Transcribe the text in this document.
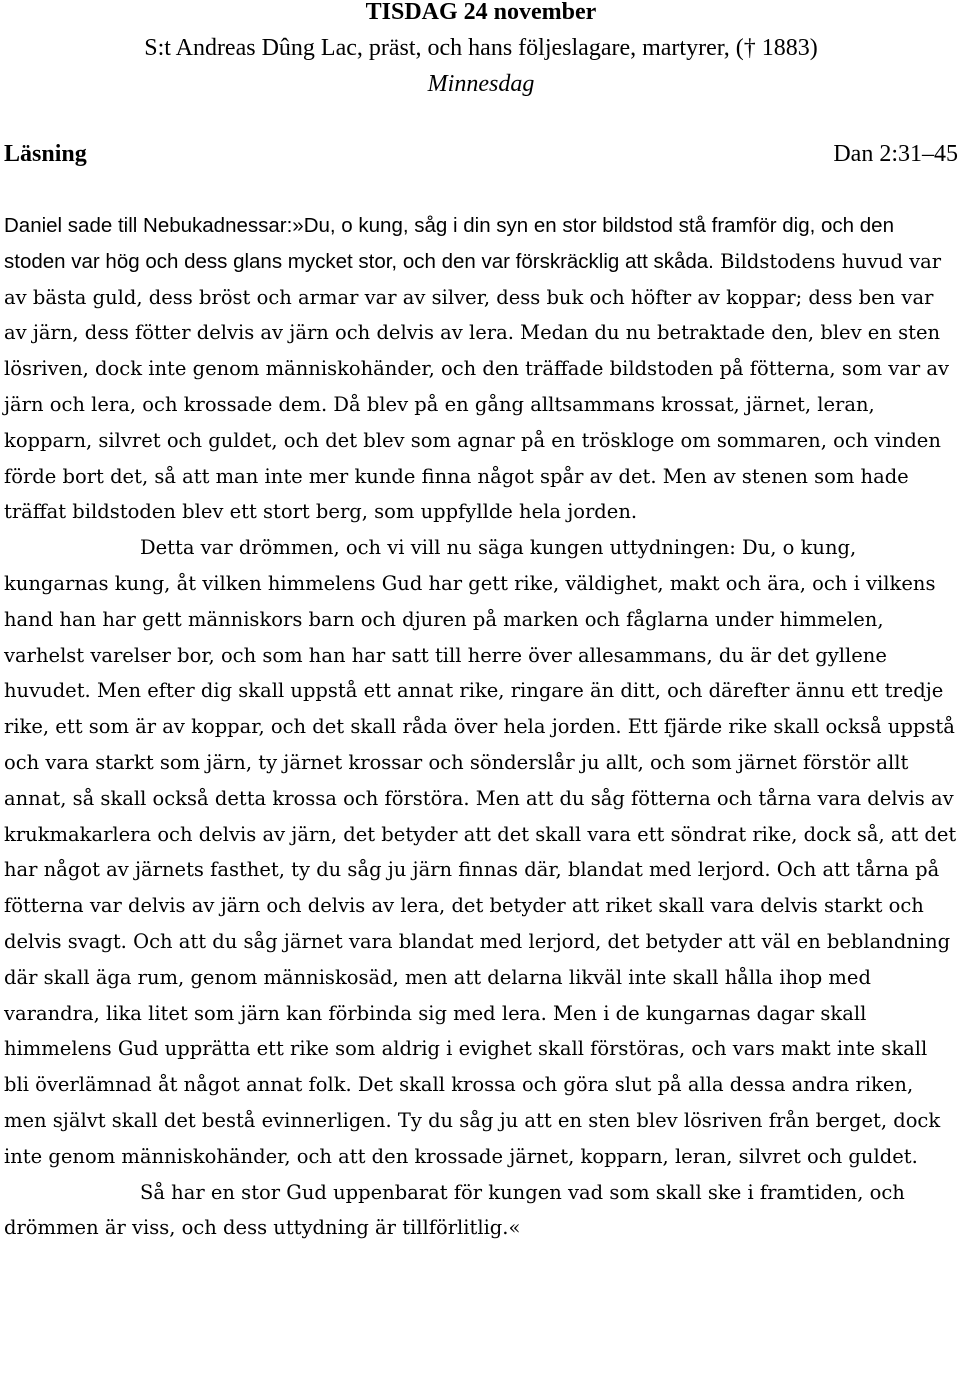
TISDAG 24 november
S:t Andreas Dûng Lac, präst, och hans följeslagare, martyrer, († 1883)
Minnesdag
Läsning	Dan 2:31–45

Daniel sade till Nebukadnessar:»Du, o kung, såg i din syn en stor bildstod stå framför dig, och den stoden var hög och dess glans mycket stor, och den var förskräcklig att skåda. Bildstodens huvud var av bästa guld, dess bröst och armar var av silver, dess buk och höfter av koppar; dess ben var av järn, dess fötter delvis av järn och delvis av lera. Medan du nu betraktade den, blev en sten lösriven, dock inte genom människohänder, och den träffade bildstoden på fötterna, som var av järn och lera, och krossade dem. Då blev på en gång alltsammans krossat, järnet, leran, kopparn, silvret och guldet, och det blev som agnar på en tröskloge om sommaren, och vinden förde bort det, så att man inte mer kunde finna något spår av det. Men av stenen som hade träffat bildstoden blev ett stort berg, som uppfyllde hela jorden.

Detta var drömmen, och vi vill nu säga kungen uttydningen: Du, o kung, kungarnas kung, åt vilken himmelens Gud har gett rike, väldighet, makt och ära, och i vilkens hand han har gett människors barn och djuren på marken och fåglarna under himmelen, varhelst varelser bor, och som han har satt till herre över allesammans, du är det gyllene huvudet. Men efter dig skall uppstå ett annat rike, ringare än ditt, och därefter ännu ett tredje rike, ett som är av koppar, och det skall råda över hela jorden. Ett fjärde rike skall också uppstå och vara starkt som järn, ty järnet krossar och sönderslår ju allt, och som järnet förstör allt annat, så skall också detta krossa och förstöra. Men att du såg fötterna och tårna vara delvis av krukmakarlera och delvis av järn, det betyder att det skall vara ett söndrat rike, dock så, att det har något av järnets fasthet, ty du såg ju järn finnas där, blandat med lerjord. Och att tårna på fötterna var delvis av järn och delvis av lera, det betyder att riket skall vara delvis starkt och delvis svagt. Och att du såg järnet vara blandat med lerjord, det betyder att väl en beblandning där skall äga rum, genom människosäd, men att delarna likväl inte skall hålla ihop med varandra, lika litet som järn kan förbinda sig med lera. Men i de kungarnas dagar skall himmelens Gud upprätta ett rike som aldrig i evighet skall förstöras, och vars makt inte skall bli överlämnad åt något annat folk. Det skall krossa och göra slut på alla dessa andra riken, men självt skall det bestå evinnerligen. Ty du såg ju att en sten blev lösriven från berget, dock inte genom människohänder, och att den krossade järnet, kopparn, leran, silvret och guldet.

Så har en stor Gud uppenbarat för kungen vad som skall ske i framtiden, och drömmen är viss, och dess uttydning är tillförlitlig.«
